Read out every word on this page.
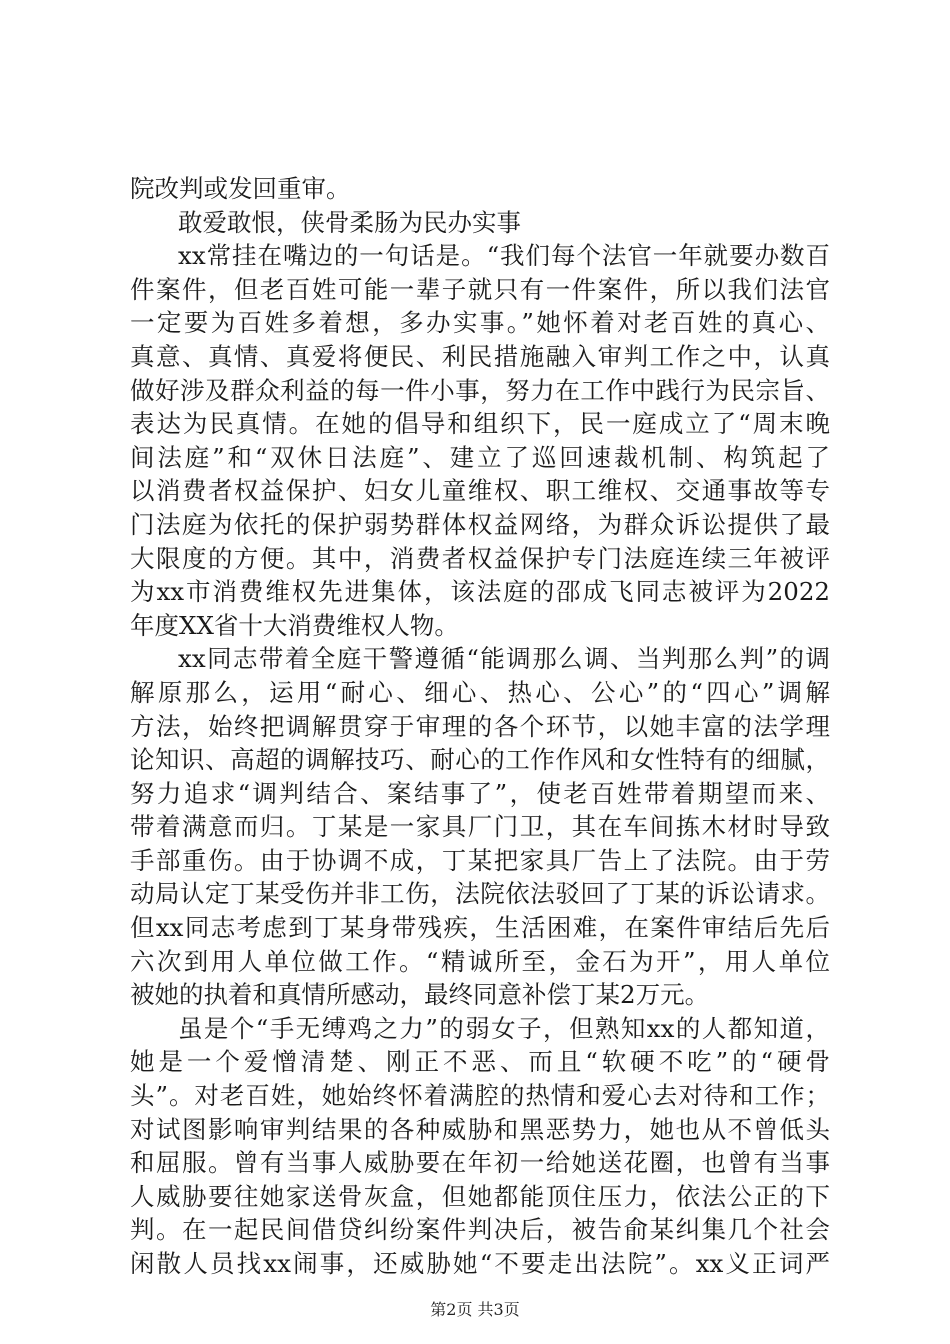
院改判或发回重审。
敢爱敢恨，侠骨柔肠为民办实事
xx常挂在嘴边的一句话是。“我们每个法官一年就要办数百
件案件，但老百姓可能一辈子就只有一件案件，所以我们法官
一定要为百姓多着想，多办实事。”她怀着对老百姓的真心、
真意、真情、真爱将便民、利民措施融入审判工作之中，认真
做好涉及群众利益的每一件小事，努力在工作中践行为民宗旨、
表达为民真情。在她的倡导和组织下，民一庭成立了“周末晚
间法庭”和“双休日法庭”、建立了巡回速裁机制、构筑起了
以消费者权益保护、妇女儿童维权、职工维权、交通事故等专
门法庭为依托的保护弱势群体权益网络，为群众诉讼提供了最
大限度的方便。其中，消费者权益保护专门法庭连续三年被评
为xx市消费维权先进集体，该法庭的邵成飞同志被评为2022
年度XX省十大消费维权人物。
xx同志带着全庭干警遵循“能调那么调、当判那么判”的调
解原那么，运用“耐心、细心、热心、公心”的“四心”调解
方法，始终把调解贯穿于审理的各个环节，以她丰富的法学理
论知识、高超的调解技巧、耐心的工作作风和女性特有的细腻，
努力追求“调判结合、案结事了”，使老百姓带着期望而来、
带着满意而归。丁某是一家具厂门卫，其在车间拣木材时导致
手部重伤。由于协调不成，丁某把家具厂告上了法院。由于劳
动局认定丁某受伤并非工伤，法院依法驳回了丁某的诉讼请求。
但xx同志考虑到丁某身带残疾，生活困难，在案件审结后先后
六次到用人单位做工作。“精诚所至，金石为开”，用人单位
被她的执着和真情所感动，最终同意补偿丁某2万元。
虽是个“手无缚鸡之力”的弱女子，但熟知xx的人都知道，
她是一个爱憎清楚、刚正不恶、而且“软硬不吃”的“硬骨
头”。对老百姓，她始终怀着满腔的热情和爱心去对待和工作；
对试图影响审判结果的各种威胁和黑恶势力，她也从不曾低头
和屈服。曾有当事人威胁要在年初一给她送花圈，也曾有当事
人威胁要往她家送骨灰盒，但她都能顶住压力，依法公正的下
判。在一起民间借贷纠纷案件判决后，被告俞某纠集几个社会
闲散人员找xx闹事，还威胁她“不要走出法院”。xx义正词严
第2页 共3页
